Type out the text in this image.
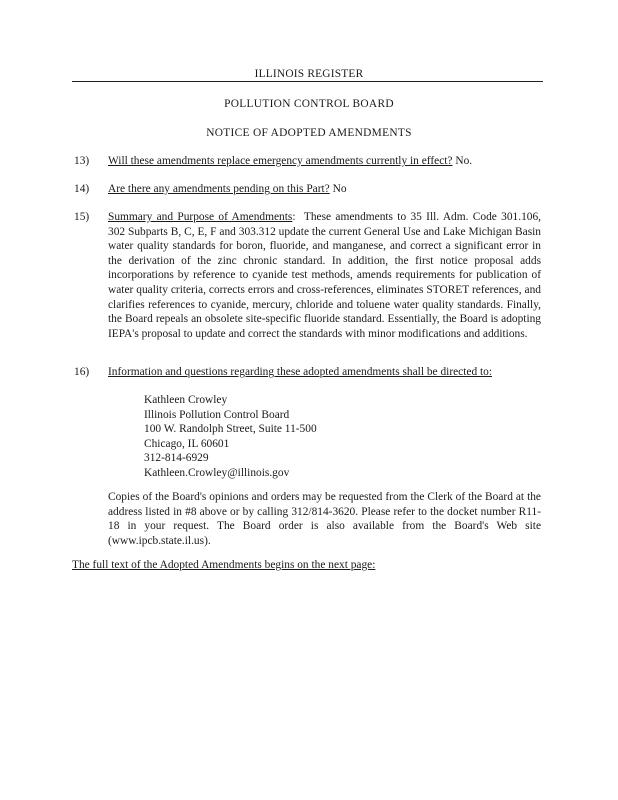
ILLINOIS REGISTER
POLLUTION CONTROL BOARD
NOTICE OF ADOPTED AMENDMENTS
13) Will these amendments replace emergency amendments currently in effect? No.
14) Are there any amendments pending on this Part? No
15) Summary and Purpose of Amendments:  These amendments to 35 Ill. Adm. Code 301.106, 302 Subparts B, C, E, F and 303.312 update the current General Use and Lake Michigan Basin water quality standards for boron, fluoride, and manganese, and correct a significant error in the derivation of the zinc chronic standard. In addition, the first notice proposal adds incorporations by reference to cyanide test methods, amends requirements for publication of water quality criteria, corrects errors and cross-references, eliminates STORET references, and clarifies references to cyanide, mercury, chloride and toluene water quality standards. Finally, the Board repeals an obsolete site-specific fluoride standard. Essentially, the Board is adopting IEPA's proposal to update and correct the standards with minor modifications and additions.
16) Information and questions regarding these adopted amendments shall be directed to:
Kathleen Crowley
Illinois Pollution Control Board
100 W. Randolph Street, Suite 11-500
Chicago, IL 60601
312-814-6929
Kathleen.Crowley@illinois.gov
Copies of the Board's opinions and orders may be requested from the Clerk of the Board at the address listed in #8 above or by calling 312/814-3620. Please refer to the docket number R11-18 in your request. The Board order is also available from the Board's Web site (www.ipcb.state.il.us).
The full text of the Adopted Amendments begins on the next page:
